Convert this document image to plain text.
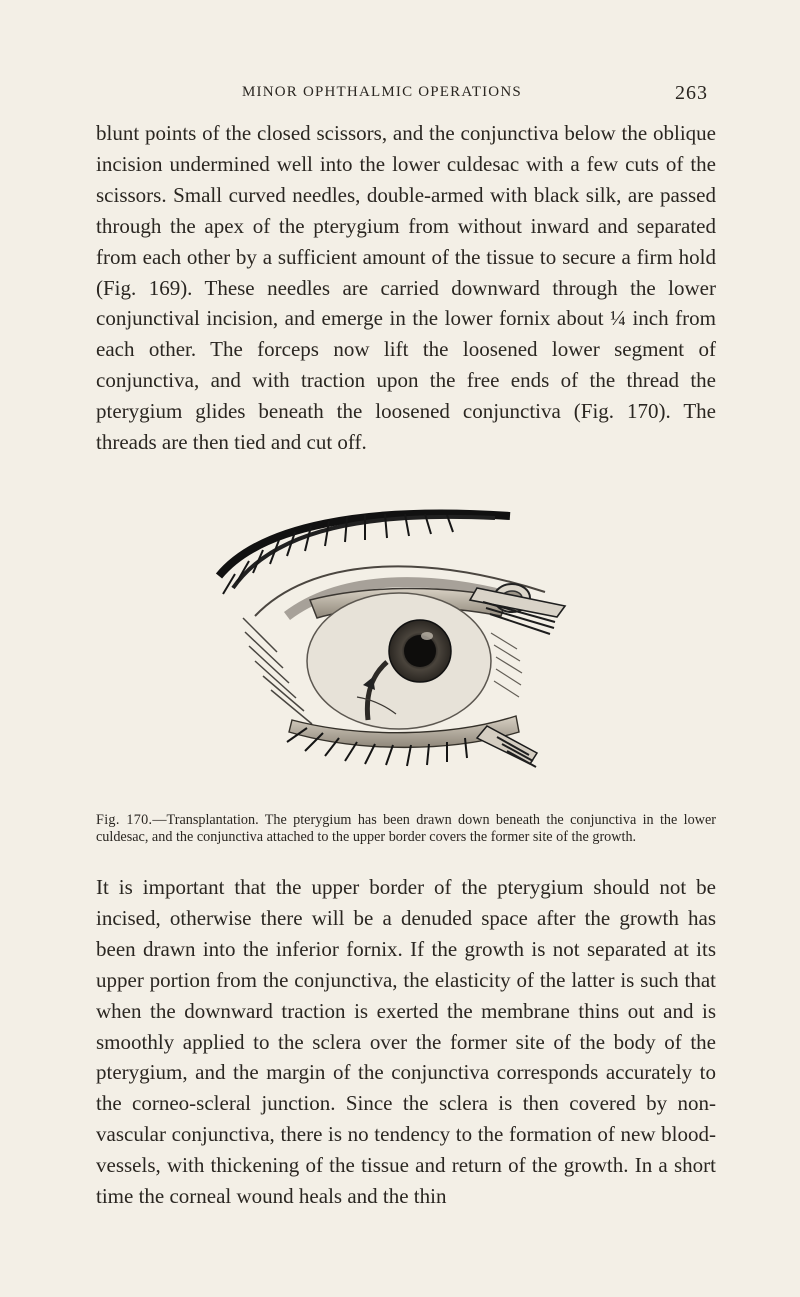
MINOR OPHTHALMIC OPERATIONS	263

blunt points of the closed scissors, and the conjunctiva below the oblique incision undermined well into the lower culdesac with a few cuts of the scissors. Small curved needles, double-armed with black silk, are passed through the apex of the pterygium from without inward and separated from each other by a sufficient amount of the tissue to secure a firm hold (Fig. 169). These needles are carried downward through the lower conjunctival incision, and emerge in the lower fornix about ¼ inch from each other. The forceps now lift the loosened lower segment of conjunctiva, and with traction upon the free ends of the thread the pterygium glides beneath the loosened conjunctiva (Fig. 170). The threads are then tied and cut off.

Fig. 170.—Transplantation. The pterygium has been drawn down beneath the conjunctiva in the lower culdesac, and the conjunctiva attached to the upper border covers the former site of the growth.

It is important that the upper border of the pterygium should not be incised, otherwise there will be a denuded space after the growth has been drawn into the inferior fornix. If the growth is not separated at its upper portion from the conjunctiva, the elasticity of the latter is such that when the downward traction is exerted the membrane thins out and is smoothly applied to the sclera over the former site of the body of the pterygium, and the margin of the conjunctiva corresponds accurately to the corneo-scleral junction. Since the sclera is then covered by non-vascular conjunctiva, there is no tendency to the formation of new blood-vessels, with thickening of the tissue and return of the growth. In a short time the corneal wound heals and the thin
